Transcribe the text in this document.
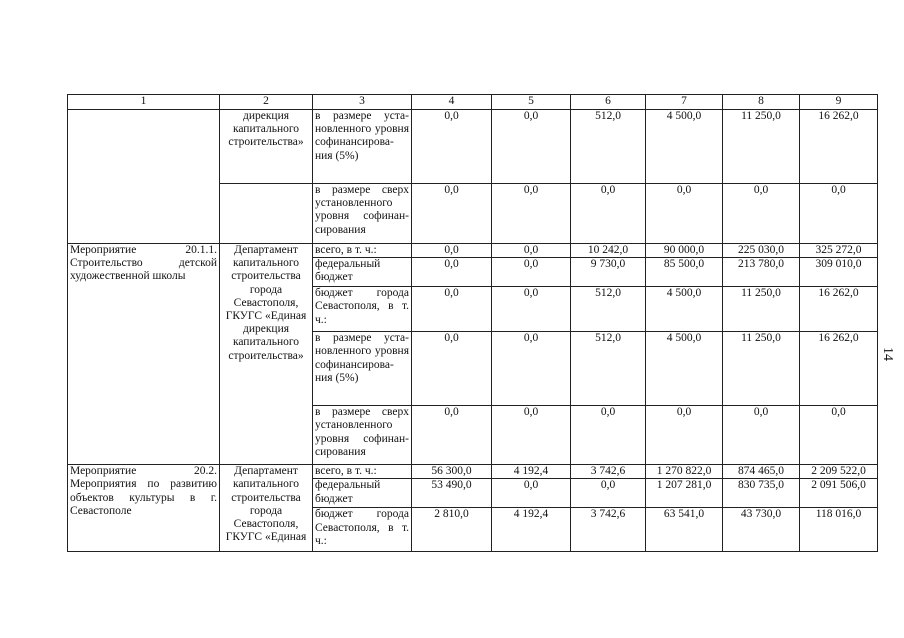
1	2	3	4	5	6	7	8	9
	дирекция капитального строительства»	в размере уста-новленного уровня софинансирова-ния (5%)	0,0	0,0	512,0	4 500,0	11 250,0	16 262,0
		в размере сверх установленного уровня софинан-сирования	0,0	0,0	0,0	0,0	0,0	0,0
Мероприятие 20.1.1. Строительство детской художественной школы	Департамент капитального строительства города Севастополя, ГКУГС «Единая дирекция капитального строительства»	всего, в т. ч.:	0,0	0,0	10 242,0	90 000,0	225 030,0	325 272,0
		федеральный бюджет	0,0	0,0	9 730,0	85 500,0	213 780,0	309 010,0
		бюджет города Севастополя, в т. ч.:	0,0	0,0	512,0	4 500,0	11 250,0	16 262,0
		в размере уста-новленного уровня софинансирова-ния (5%)	0,0	0,0	512,0	4 500,0	11 250,0	16 262,0
		в размере сверх установленного уровня софинан-сирования	0,0	0,0	0,0	0,0	0,0	0,0
Мероприятие 20.2. Мероприятия по развитию объектов культуры в г. Севастополе	Департамент капитального строительства города Севастополя, ГКУГС «Единая	всего, в т. ч.:	56 300,0	4 192,4	3 742,6	1 270 822,0	874 465,0	2 209 522,0
		федеральный бюджет	53 490,0	0,0	0,0	1 207 281,0	830 735,0	2 091 506,0
		бюджет города Севастополя, в т. ч.:	2 810,0	4 192,4	3 742,6	63 541,0	43 730,0	118 016,0
14
